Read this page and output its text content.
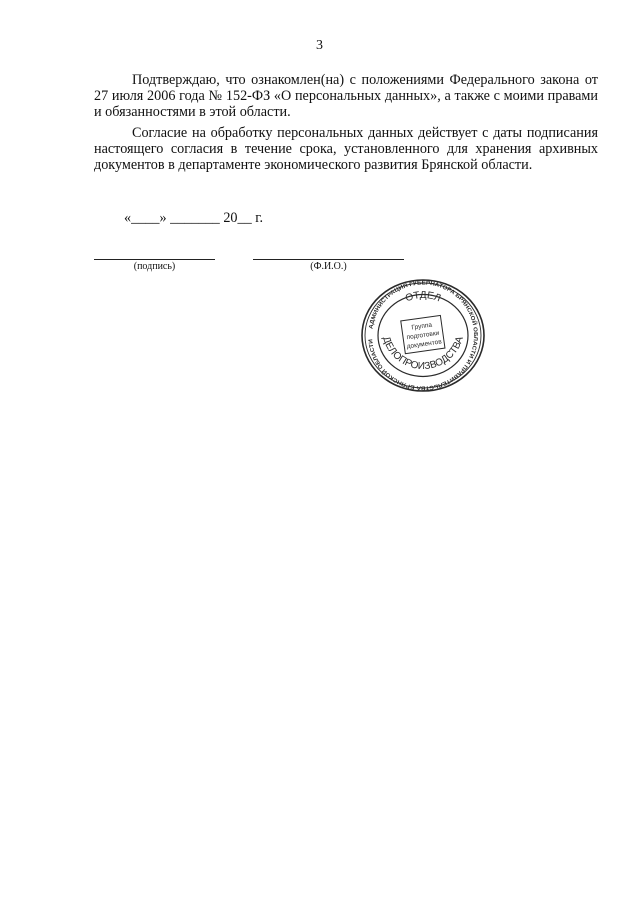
3

Подтверждаю, что ознакомлен(на) с положениями Федерального закона от 27 июля 2006 года № 152-ФЗ «О персональных данных», а также с моими правами и обязанностями в этой области.

Согласие на обработку персональных данных действует с даты подписания настоящего согласия в течение срока, установленного для хранения архивных документов в департаменте экономического развития Брянской области.

«____» _______ 20__ г.
(подпись)	(Ф.И.О.)
АДМИНИСТРАЦИЯ ГУБЕРНАТОРА БРЯНСКОЙ ОБЛАСТИ И ПРАВИТЕЛЬСТВА БРЯНСКОЙ ОБЛАСТИ
ОТДЕЛ
ДЕЛОПРОИЗВОДСТВА
Группа
подготовки
документов
